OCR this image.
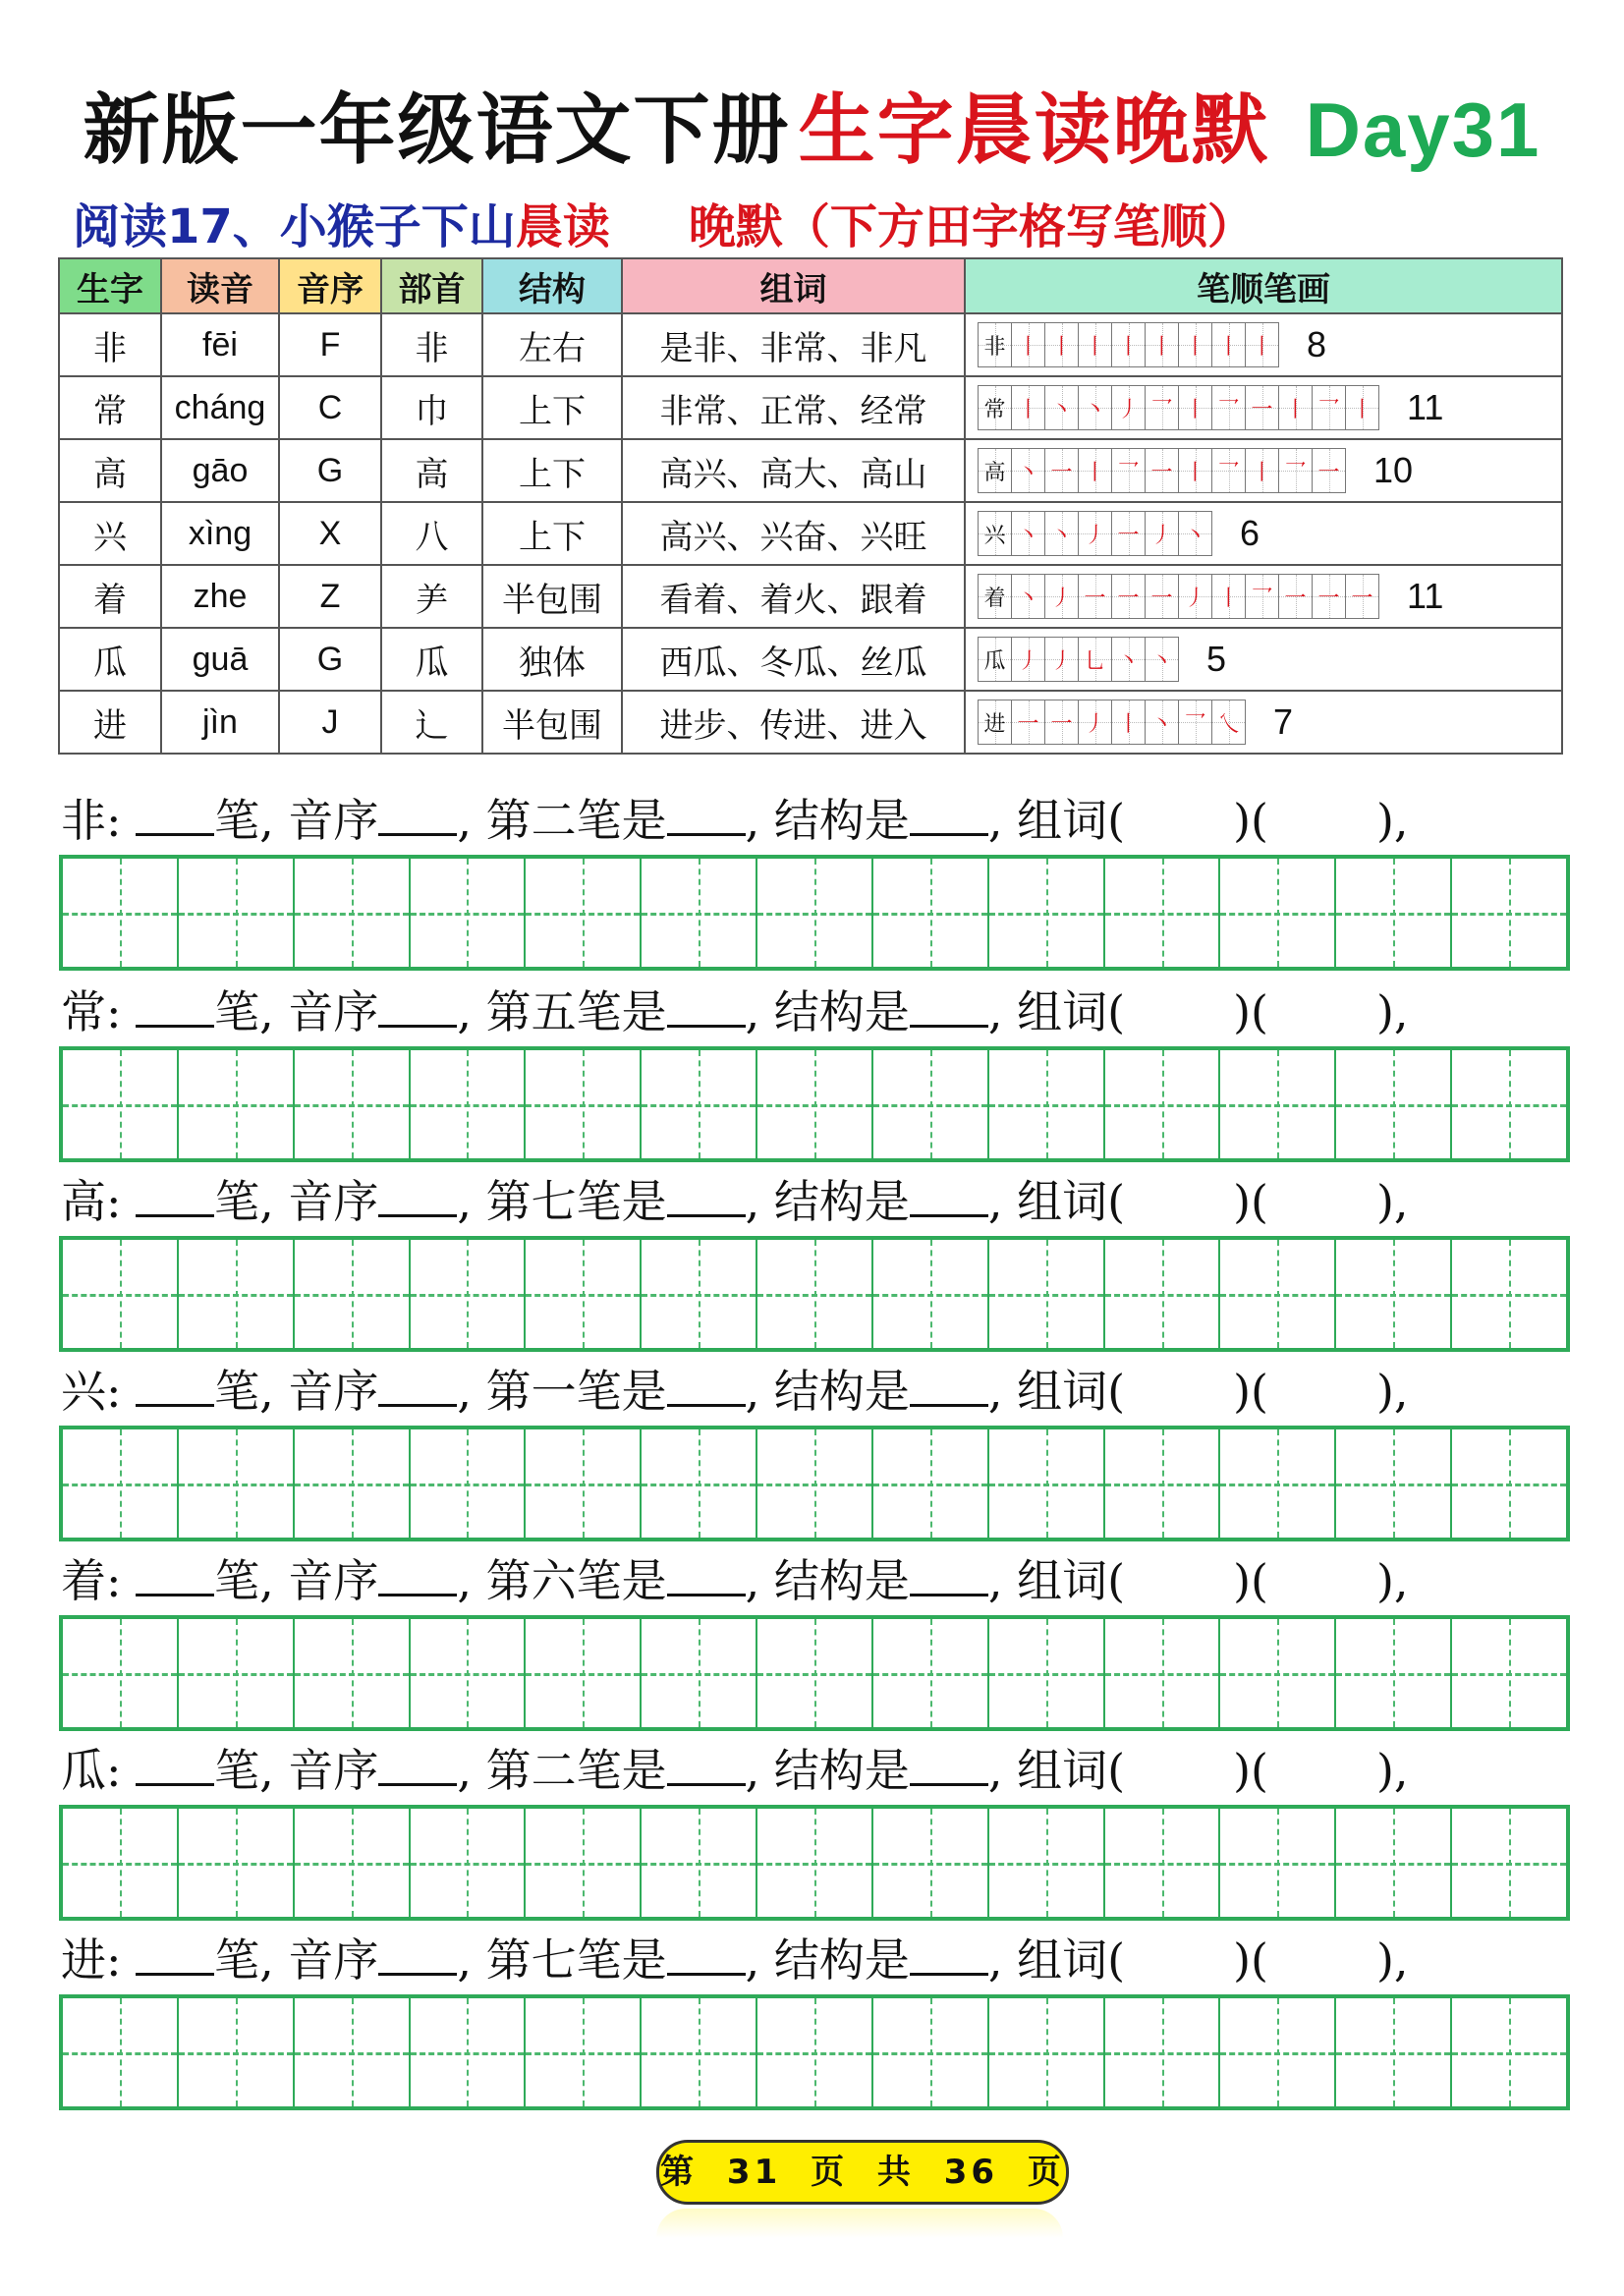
新版一年级语文下册 生字晨读晚默 Day31
阅读17、小猴子下山晨读 晚默（下方田字格写笔顺）
生字	读音	音序	部首	结构	组词	笔顺笔画
非	fēi	F	非	左右	是非、非常、非凡	非 丨 丨 丨 丨 丨 丨 丨 丨 8

常	cháng	C	巾	上下	非常、正常、经常	常 丨 丶 丶 丿 乛 丨 乛 一 丨 乛 丨 11

高	gāo	G	高	上下	高兴、高大、高山	高 丶 一 丨 乛 一 丨 乛 丨 乛 一 10

兴	xìng	X	八	上下	高兴、兴奋、兴旺	兴 丶 丶 丿 一 丿 丶 6

着	zhe	Z	⺶	半包围	看着、着火、跟着	着 丶 丿 一 一 一 丿 丨 乛 一 一 一 11

瓜	guā	G	瓜	独体	西瓜、冬瓜、丝瓜	瓜 丿 丿 乚 丶 丶 5

进	jìn	J	辶	半包围	进步、传进、进入	进 一 一 丿 丨 丶 乛 乀 7
非: 笔, 音序 , 第二笔是 , 结构是 , 组词( )( ),
常: 笔, 音序 , 第五笔是 , 结构是 , 组词( )( ),
高: 笔, 音序 , 第七笔是 , 结构是 , 组词( )( ),
兴: 笔, 音序 , 第一笔是 , 结构是 , 组词( )( ),
着: 笔, 音序 , 第六笔是 , 结构是 , 组词( )( ),
瓜: 笔, 音序 , 第二笔是 , 结构是 , 组词( )( ),
进: 笔, 音序 , 第七笔是 , 结构是 , 组词( )( ),
第 31 页 共 36 页
